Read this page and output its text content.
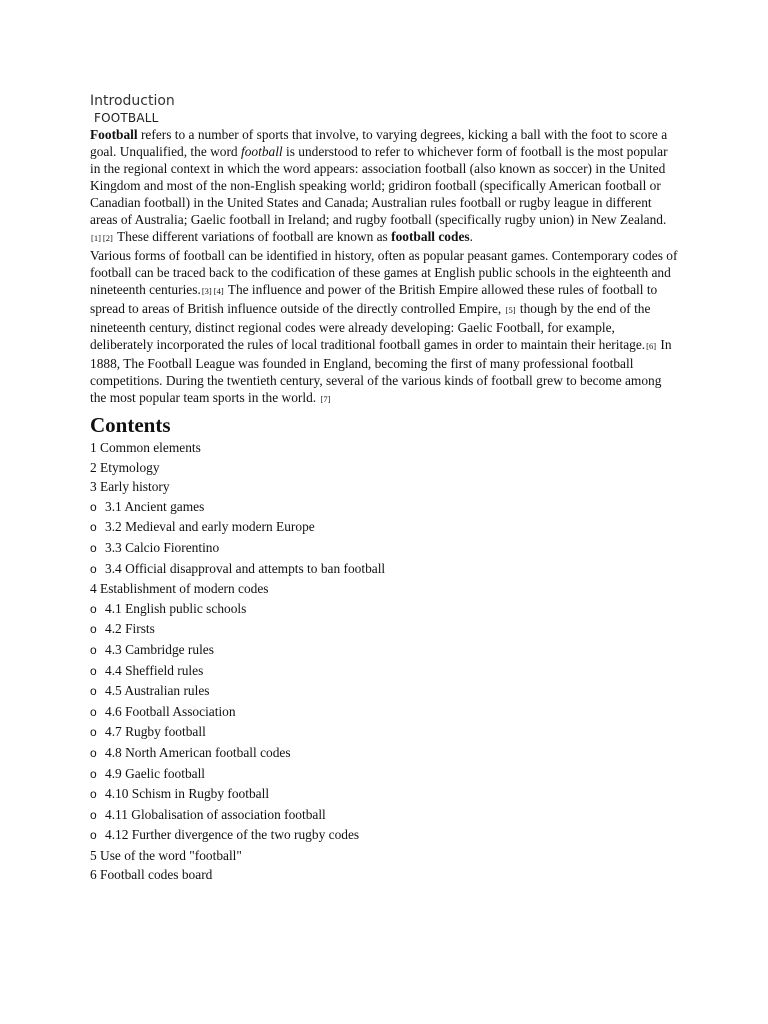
Introduction
FOOTBALL

Football refers to a number of sports that involve, to varying degrees, kicking a ball with the foot to score a goal. Unqualified, the word football is understood to refer to whichever form of football is the most popular in the regional context in which the word appears: association football (also known as soccer) in the United Kingdom and most of the non-English speaking world; gridiron football (specifically American football or Canadian football) in the United States and Canada; Australian rules football or rugby league in different areas of Australia; Gaelic football in Ireland; and rugby football (specifically rugby union) in New Zealand. [1] [2] These different variations of football are known as football codes.

Various forms of football can be identified in history, often as popular peasant games. Contemporary codes of football can be traced back to the codification of these games at English public schools in the eighteenth and nineteenth centuries.[3] [4] The influence and power of the British Empire allowed these rules of football to spread to areas of British influence outside of the directly controlled Empire, [5] though by the end of the nineteenth century, distinct regional codes were already developing: Gaelic Football, for example, deliberately incorporated the rules of local traditional football games in order to maintain their heritage.[6] In 1888, The Football League was founded in England, becoming the first of many professional football competitions. During the twentieth century, several of the various kinds of football grew to become among the most popular team sports in the world. [7]

Contents
1 Common elements
2 Etymology
3 Early history
o 3.1 Ancient games
o 3.2 Medieval and early modern Europe
o 3.3 Calcio Fiorentino
o 3.4 Official disapproval and attempts to ban football
4 Establishment of modern codes
o 4.1 English public schools
o 4.2 Firsts
o 4.3 Cambridge rules
o 4.4 Sheffield rules
o 4.5 Australian rules
o 4.6 Football Association
o 4.7 Rugby football
o 4.8 North American football codes
o 4.9 Gaelic football
o 4.10 Schism in Rugby football
o 4.11 Globalisation of association football
o 4.12 Further divergence of the two rugby codes
5 Use of the word "football"
6 Football codes board
